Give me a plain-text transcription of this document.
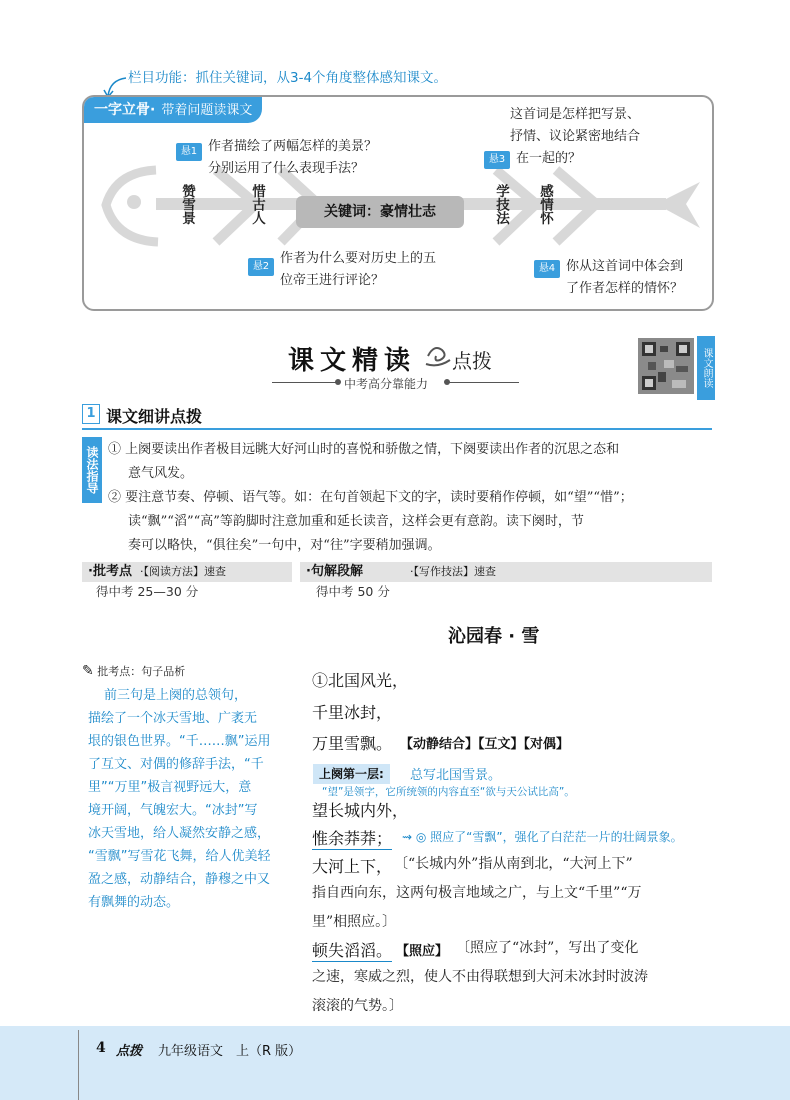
栏目功能：抓住关键词，从3-4个角度整体感知课文。
一字立骨· 带着问题读课文
关键词：豪情壮志
悬1 作者描绘了两幅怎样的美景？
分别运用了什么表现手法？
赞雪景	惜古人
悬2
作者为什么要对历史上的五
位帝王进行评论？
这首词是怎样把写景、
抒情、议论紧密地结合
悬3 在一起的？
学技法 感情怀
悬4 你从这首词中体会到
了作者怎样的情怀？
课文精读 点拨
中考高分靠能力	课文朗读
1 课文细讲点拨
读法指导 ① 上阕要读出作者极目远眺大好河山时的喜悦和骄傲之情，下阕要读出作者的沉思之态和
意气风发。
② 要注意节奏、停顿、语气等。如：在句首领起下文的字，读时要稍作停顿，如“望”“惜”；
读“飘”“滔”“高”等韵脚时注意加重和延长读音，这样会更有意韵。读下阕时，节
奏可以略快，“俱往矣”一句中，对“往”字要稍加强调。
·批考点 ·【阅读方法】速查
得中考 25—30 分
·句解段解	·【写作技法】速查
得中考 50 分
沁园春 · 雪
✎ 批考点：句子品析
前三句是上阕的总领句，
描绘了一个冰天雪地、广袤无
垠的银色世界。“千……飘”运用
了互文、对偶的修辞手法，“千
里”“万里”极言视野远大，意
境开阔，气魄宏大。“冰封”写
冰天雪地，给人凝然安静之感，
“雪飘”写雪花飞舞，给人优美轻
盈之感，动静结合，静穆之中又
有飘舞的动态。
①北国风光，
千里冰封，
万里雪飘。 【动静结合】【互文】【对偶】
上阕第一层:	总写北国雪景。
“望”是领字，它所统领的内容直至“欲与天公试比高”。
望长城内外，
惟余莽莽； ⇝ ◎ 照应了“雪飘”，强化了白茫茫一片的壮阔景象。
大河上下， 〔“长城内外”指从南到北，“大河上下”
指自西向东，这两句极言地域之广，与上文“千里”“万
里”相照应。〕
顿失滔滔。 【照应】 〔照应了“冰封”，写出了变化
之速，寒威之烈，使人不由得联想到大河未冰封时波涛
滚滚的气势。〕
4 点拨 九年级语文　上（R 版）
